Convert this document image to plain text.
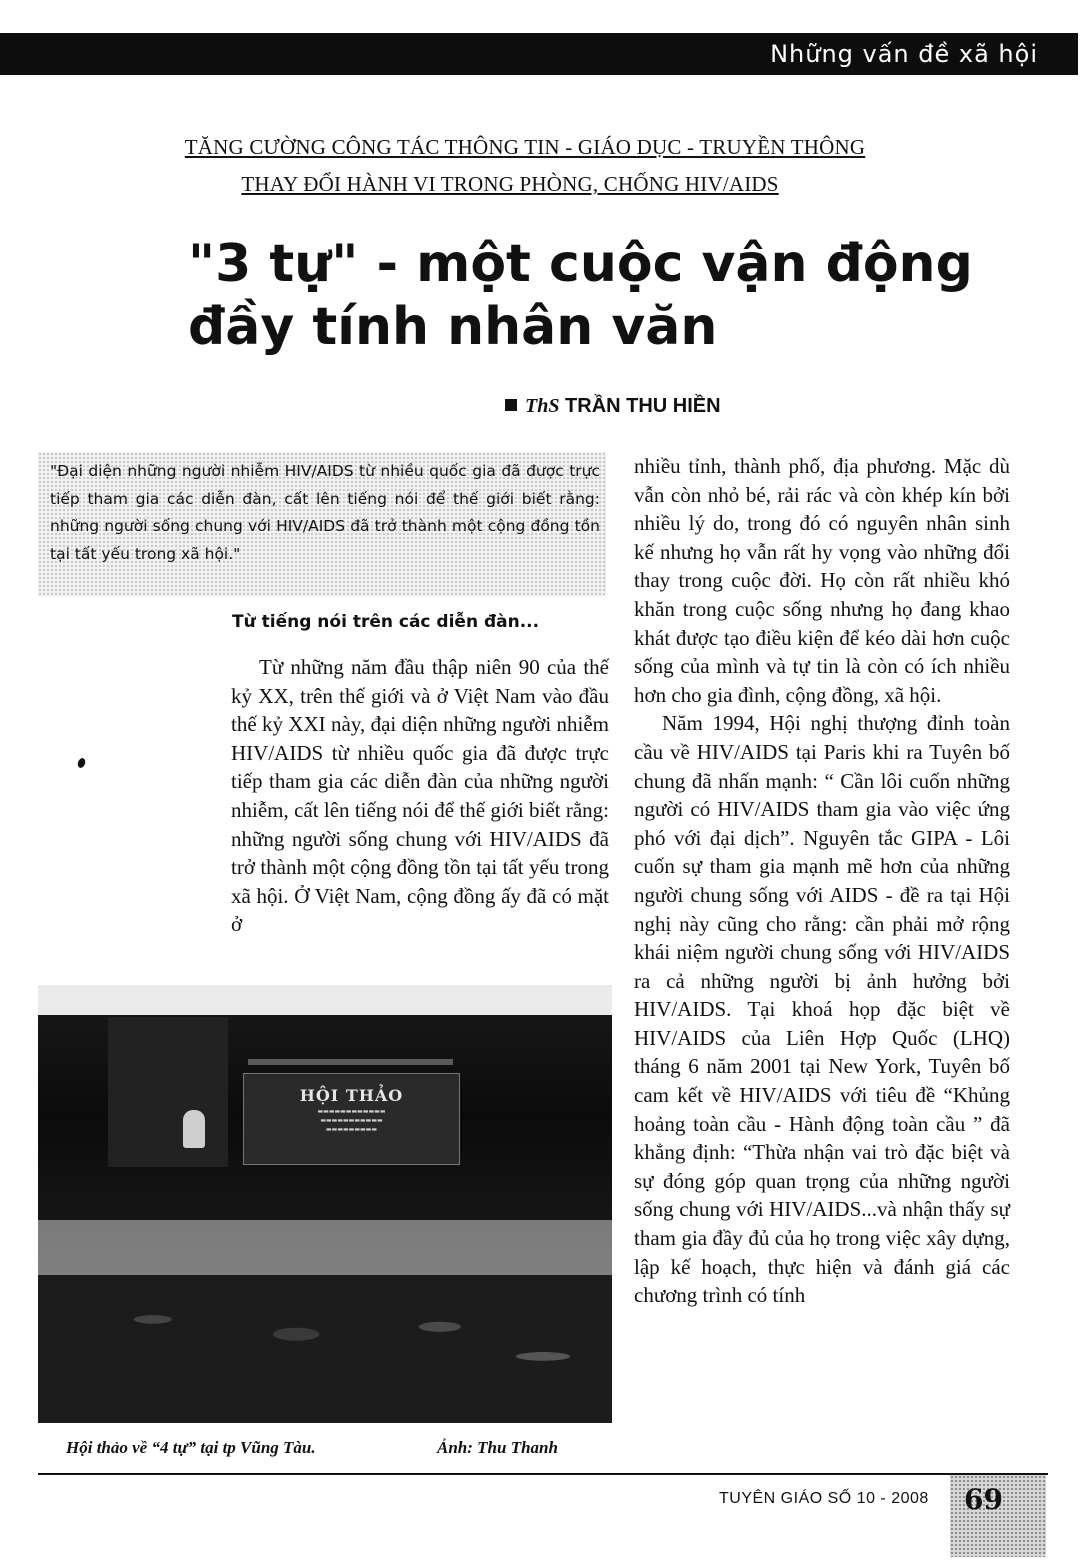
Những vấn đề xã hội
TĂNG CƯỜNG CÔNG TÁC THÔNG TIN - GIÁO DỤC - TRUYỀN THÔNG
THAY ĐỔI HÀNH VI TRONG PHÒNG, CHỐNG HIV/AIDS
"3 tự" - một cuộc vận động
đầy tính nhân văn
ThS TRẦN THU HIỀN
"Đại diện những người nhiễm HIV/AIDS từ nhiều quốc gia đã được trực tiếp tham gia các diễn đàn, cất lên tiếng nói để thế giới biết rằng: những người sống chung với HIV/AIDS đã trở thành một cộng đồng tồn tại tất yếu trong xã hội."
Từ tiếng nói trên các diễn đàn...

Từ những năm đầu thập niên 90 của thế kỷ XX, trên thế giới và ở Việt Nam vào đầu thế kỷ XXI này, đại diện những người nhiễm HIV/AIDS từ nhiều quốc gia đã được trực tiếp tham gia các diễn đàn của những người nhiễm, cất lên tiếng nói để thế giới biết rằng: những người sống chung với HIV/AIDS đã trở thành một cộng đồng tồn tại tất yếu trong xã hội. Ở Việt Nam, cộng đồng ấy đã có mặt ở

nhiều tỉnh, thành phố, địa phương. Mặc dù vẫn còn nhỏ bé, rải rác và còn khép kín bởi nhiều lý do, trong đó có nguyên nhân sinh kế nhưng họ vẫn rất hy vọng vào những đổi thay trong cuộc đời. Họ còn rất nhiều khó khăn trong cuộc sống nhưng họ đang khao khát được tạo điều kiện để kéo dài hơn cuộc sống của mình và tự tin là còn có ích nhiều hơn cho gia đình, cộng đồng, xã hội.

Năm 1994, Hội nghị thượng đỉnh toàn cầu về HIV/AIDS tại Paris khi ra Tuyên bố chung đã nhấn mạnh: “ Cần lôi cuốn những người có HIV/AIDS tham gia vào việc ứng phó với đại dịch”. Nguyên tắc GIPA - Lôi cuốn sự tham gia mạnh mẽ hơn của những người chung sống với AIDS - đề ra tại Hội nghị này cũng cho rằng: cần phải mở rộng khái niệm người chung sống với HIV/AIDS ra cả những người bị ảnh hưởng bởi HIV/AIDS. Tại khoá họp đặc biệt về HIV/AIDS của Liên Hợp Quốc (LHQ) tháng 6 năm 2001 tại New York, Tuyên bố cam kết về HIV/AIDS với tiêu đề “Khủng hoảng toàn cầu - Hành động toàn cầu ” đã khẳng định: “Thừa nhận vai trò đặc biệt và sự đóng góp quan trọng của những người sống chung với HIV/AIDS...và nhận thấy sự tham gia đầy đủ của họ trong việc xây dựng, lập kế hoạch, thực hiện và đánh giá các chương trình có tính

HỘI THẢO
▬▬▬▬▬▬▬▬▬▬▬▬
▬▬▬▬▬▬▬▬▬▬▬
▬▬▬▬▬▬▬▬▬
Hội thảo về “4 tự” tại tp Vũng Tàu.	Ảnh: Thu Thanh
TUYÊN GIÁO SỐ 10 - 2008 69
